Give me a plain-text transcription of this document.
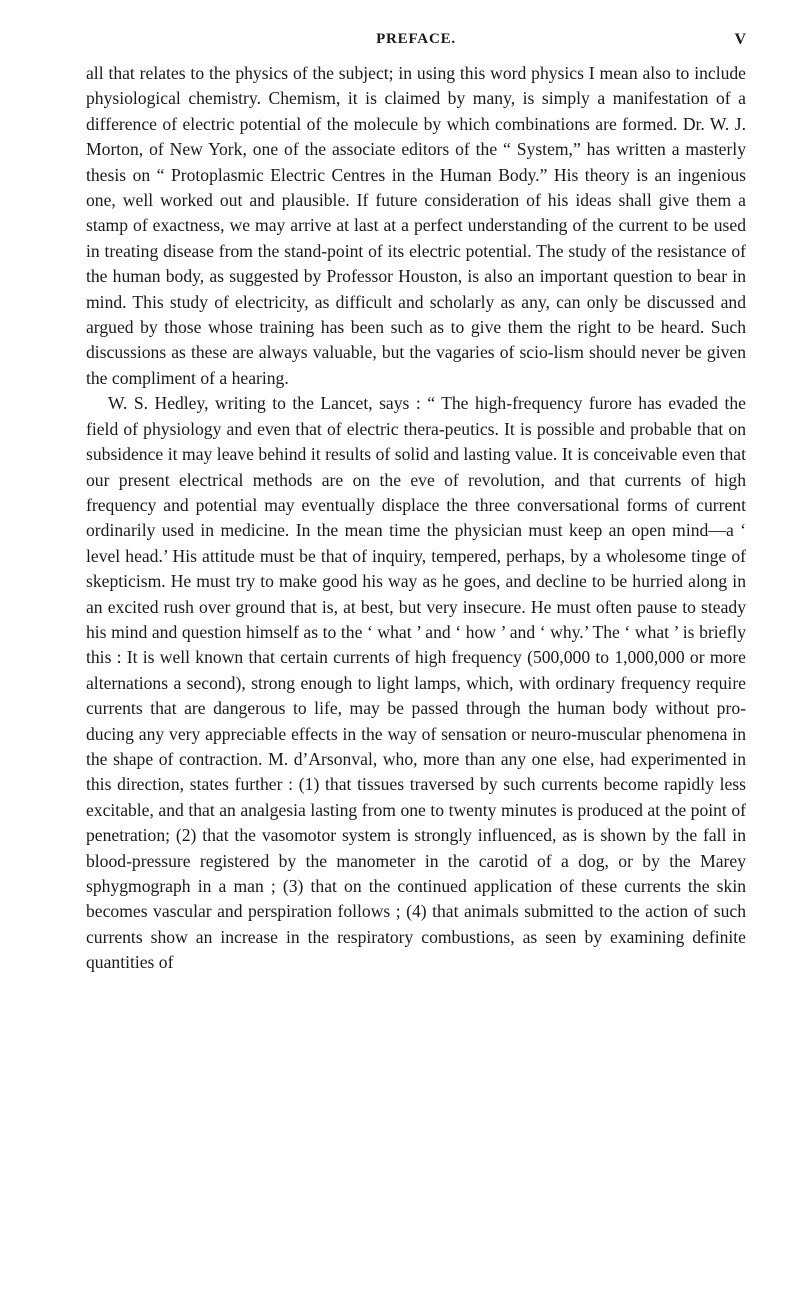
PREFACE.	V

all that relates to the physics of the subject; in using this word physics I mean also to include physiological chemistry. Chemism, it is claimed by many, is simply a manifestation of a difference of electric potential of the molecule by which combinations are formed. Dr. W. J. Morton, of New York, one of the associate editors of the “ System,” has written a masterly thesis on “ Protoplasmic Electric Centres in the Human Body.” His theory is an ingenious one, well worked out and plausible. If future consideration of his ideas shall give them a stamp of exactness, we may arrive at last at a perfect understanding of the current to be used in treating disease from the stand-point of its electric potential. The study of the resistance of the human body, as suggested by Professor Houston, is also an important question to bear in mind. This study of electricity, as difficult and scholarly as any, can only be discussed and argued by those whose training has been such as to give them the right to be heard. Such discussions as these are always valuable, but the vagaries of scio-lism should never be given the compliment of a hearing.

W. S. Hedley, writing to the Lancet, says : “ The high-frequency furore has evaded the field of physiology and even that of electric thera-peutics. It is possible and probable that on subsidence it may leave behind it results of solid and lasting value. It is conceivable even that our present electrical methods are on the eve of revolution, and that currents of high frequency and potential may eventually displace the three conversational forms of current ordinarily used in medicine. In the mean time the physician must keep an open mind—a ‘ level head.’ His attitude must be that of inquiry, tempered, perhaps, by a wholesome tinge of skepticism. He must try to make good his way as he goes, and decline to be hurried along in an excited rush over ground that is, at best, but very insecure. He must often pause to steady his mind and question himself as to the ‘ what ’ and ‘ how ’ and ‘ why.’ The ‘ what ’ is briefly this : It is well known that certain currents of high frequency (500,000 to 1,000,000 or more alternations a second), strong enough to light lamps, which, with ordinary frequency require currents that are dangerous to life, may be passed through the human body without pro-ducing any very appreciable effects in the way of sensation or neuro-muscular phenomena in the shape of contraction. M. d’Arsonval, who, more than any one else, had experimented in this direction, states further : (1) that tissues traversed by such currents become rapidly less excitable, and that an analgesia lasting from one to twenty minutes is produced at the point of penetration; (2) that the vasomotor system is strongly influenced, as is shown by the fall in blood-pressure registered by the manometer in the carotid of a dog, or by the Marey sphygmograph in a man ; (3) that on the continued application of these currents the skin becomes vascular and perspiration follows ; (4) that animals submitted to the action of such currents show an increase in the respiratory combustions, as seen by examining definite quantities of
